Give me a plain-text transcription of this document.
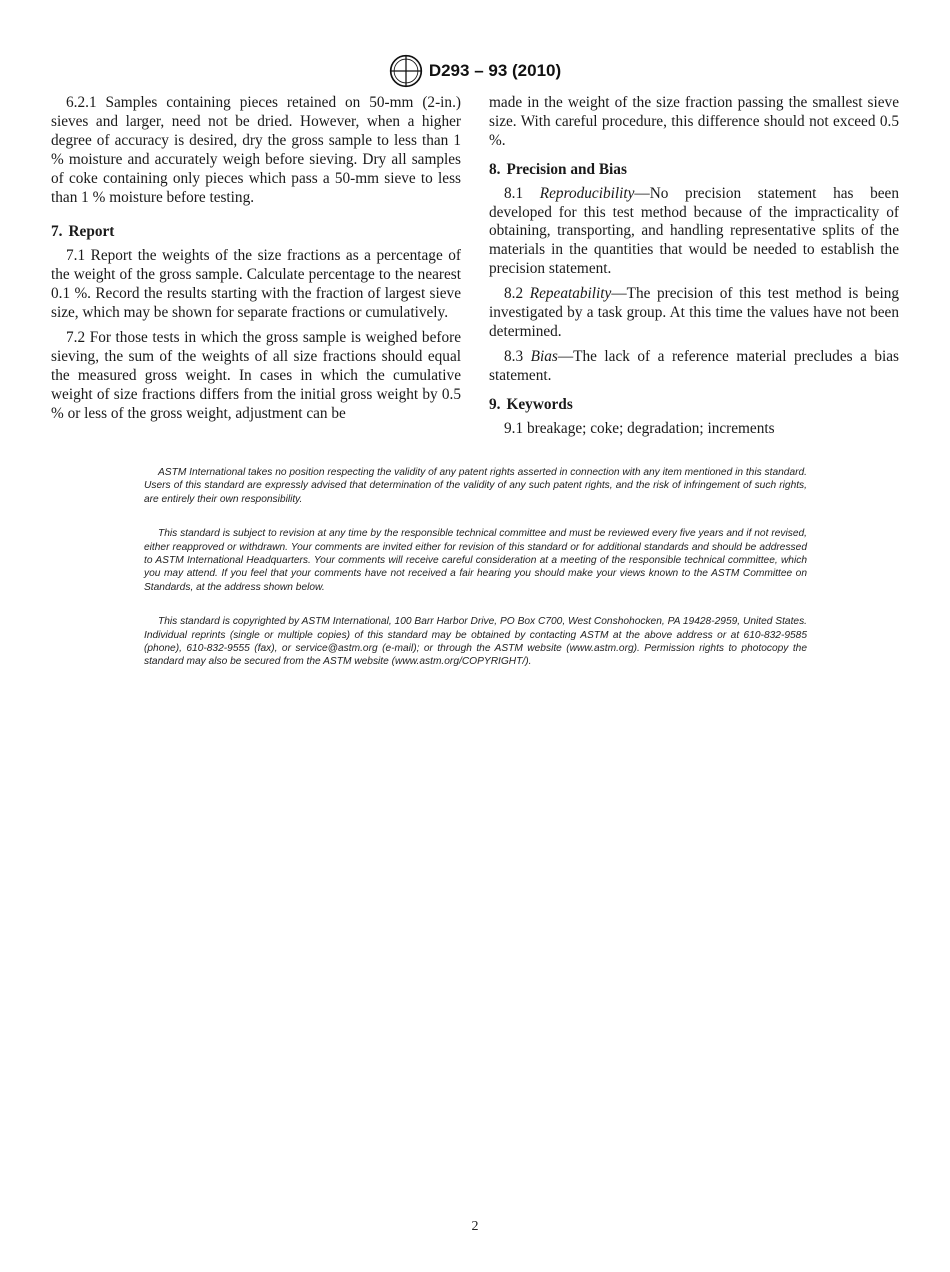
D293 – 93 (2010)

6.2.1 Samples containing pieces retained on 50-mm (2-in.) sieves and larger, need not be dried. However, when a higher degree of accuracy is desired, dry the gross sample to less than 1 % moisture and accurately weigh before sieving. Dry all samples of coke containing only pieces which pass a 50-mm sieve to less than 1 % moisture before testing.

7. Report

7.1 Report the weights of the size fractions as a percentage of the weight of the gross sample. Calculate percentage to the nearest 0.1 %. Record the results starting with the fraction of largest sieve size, which may be shown for separate fractions or cumulatively.

7.2 For those tests in which the gross sample is weighed before sieving, the sum of the weights of all size fractions should equal the measured gross weight. In cases in which the cumulative weight of size fractions differs from the initial gross weight by 0.5 % or less of the gross weight, adjustment can be

made in the weight of the size fraction passing the smallest sieve size. With careful procedure, this difference should not exceed 0.5 %.

8. Precision and Bias

8.1 Reproducibility—No precision statement has been developed for this test method because of the impracticality of obtaining, transporting, and handling representative splits of the materials in the quantities that would be needed to establish the precision statement.

8.2 Repeatability—The precision of this test method is being investigated by a task group. At this time the values have not been determined.

8.3 Bias—The lack of a reference material precludes a bias statement.

9. Keywords

9.1 breakage; coke; degradation; increments

ASTM International takes no position respecting the validity of any patent rights asserted in connection with any item mentioned in this standard. Users of this standard are expressly advised that determination of the validity of any such patent rights, and the risk of infringement of such rights, are entirely their own responsibility.

This standard is subject to revision at any time by the responsible technical committee and must be reviewed every five years and if not revised, either reapproved or withdrawn. Your comments are invited either for revision of this standard or for additional standards and should be addressed to ASTM International Headquarters. Your comments will receive careful consideration at a meeting of the responsible technical committee, which you may attend. If you feel that your comments have not received a fair hearing you should make your views known to the ASTM Committee on Standards, at the address shown below.

This standard is copyrighted by ASTM International, 100 Barr Harbor Drive, PO Box C700, West Conshohocken, PA 19428-2959, United States. Individual reprints (single or multiple copies) of this standard may be obtained by contacting ASTM at the above address or at 610-832-9585 (phone), 610-832-9555 (fax), or service@astm.org (e-mail); or through the ASTM website (www.astm.org). Permission rights to photocopy the standard may also be secured from the ASTM website (www.astm.org/COPYRIGHT/).

2
